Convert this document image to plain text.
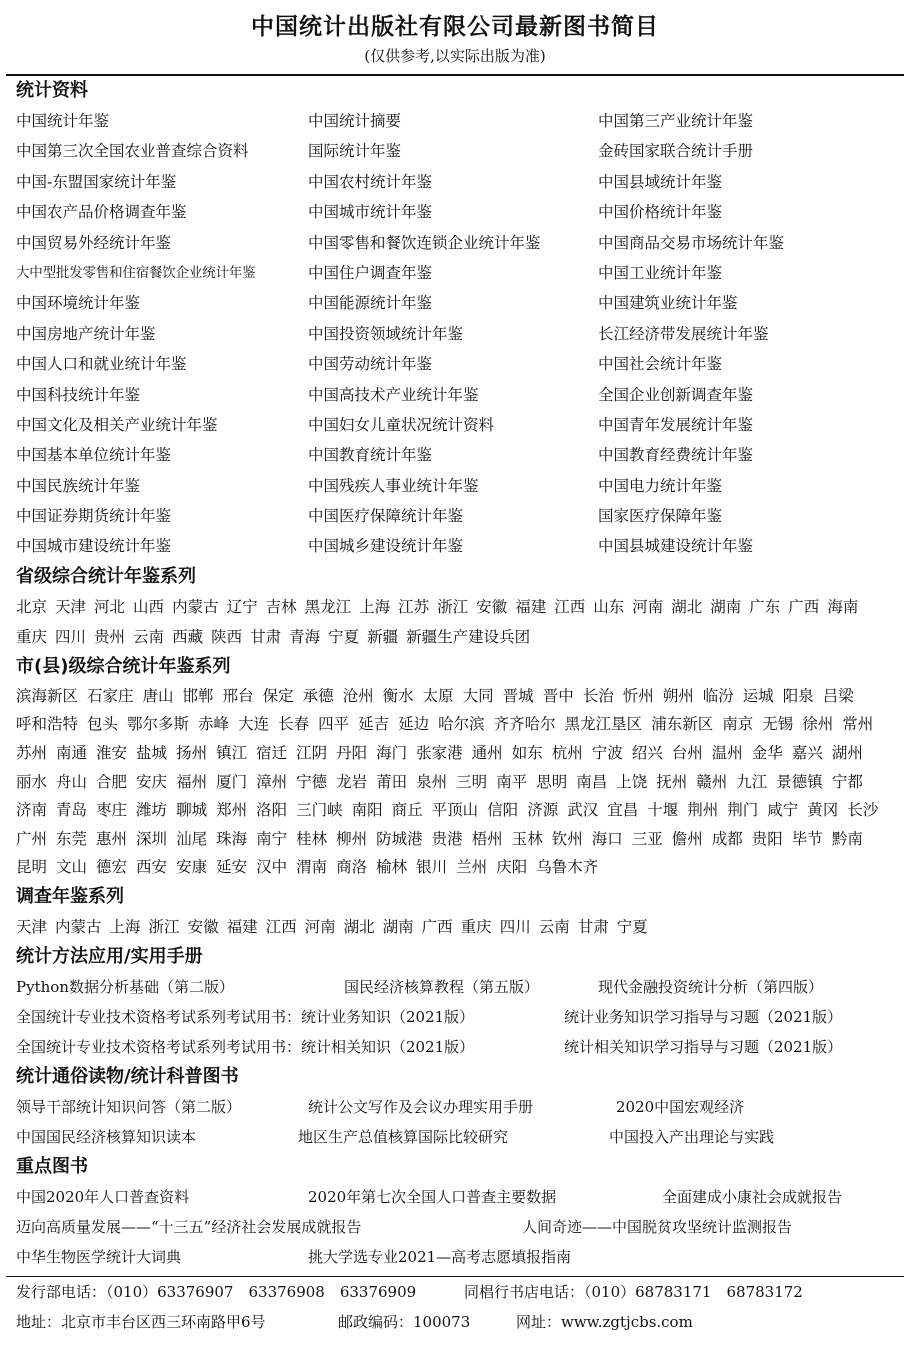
中国统计出版社有限公司最新图书简目
(仅供参考,以实际出版为准)
统计资料
中国统计年鉴	中国统计摘要	中国第三产业统计年鉴
中国第三次全国农业普查综合资料	国际统计年鉴	金砖国家联合统计手册
中国-东盟国家统计年鉴	中国农村统计年鉴	中国县域统计年鉴
中国农产品价格调查年鉴	中国城市统计年鉴	中国价格统计年鉴
中国贸易外经统计年鉴	中国零售和餐饮连锁企业统计年鉴	中国商品交易市场统计年鉴
大中型批发零售和住宿餐饮企业统计年鉴	中国住户调查年鉴	中国工业统计年鉴
中国环境统计年鉴	中国能源统计年鉴	中国建筑业统计年鉴
中国房地产统计年鉴	中国投资领域统计年鉴	长江经济带发展统计年鉴
中国人口和就业统计年鉴	中国劳动统计年鉴	中国社会统计年鉴
中国科技统计年鉴	中国高技术产业统计年鉴	全国企业创新调查年鉴
中国文化及相关产业统计年鉴	中国妇女儿童状况统计资料	中国青年发展统计年鉴
中国基本单位统计年鉴	中国教育统计年鉴	中国教育经费统计年鉴
中国民族统计年鉴	中国残疾人事业统计年鉴	中国电力统计年鉴
中国证券期货统计年鉴	中国医疗保障统计年鉴	国家医疗保障年鉴
中国城市建设统计年鉴	中国城乡建设统计年鉴	中国县城建设统计年鉴
省级综合统计年鉴系列
北京 天津 河北 山西 内蒙古 辽宁 吉林 黑龙江 上海 江苏 浙江 安徽 福建 江西 山东 河南 湖北 湖南 广东 广西 海南
重庆 四川 贵州 云南 西藏 陕西 甘肃 青海 宁夏 新疆 新疆生产建设兵团
市(县)级综合统计年鉴系列
滨海新区 石家庄 唐山 邯郸 邢台 保定 承德 沧州 衡水 太原 大同 晋城 晋中 长治 忻州 朔州 临汾 运城 阳泉 吕梁
呼和浩特 包头 鄂尔多斯 赤峰 大连 长春 四平 延吉 延边 哈尔滨 齐齐哈尔 黑龙江垦区 浦东新区 南京 无锡 徐州 常州
苏州 南通 淮安 盐城 扬州 镇江 宿迁 江阴 丹阳 海门 张家港 通州 如东 杭州 宁波 绍兴 台州 温州 金华 嘉兴 湖州
丽水 舟山 合肥 安庆 福州 厦门 漳州 宁德 龙岩 莆田 泉州 三明 南平 思明 南昌 上饶 抚州 赣州 九江 景德镇 宁都
济南 青岛 枣庄 潍坊 聊城 郑州 洛阳 三门峡 南阳 商丘 平顶山 信阳 济源 武汉 宜昌 十堰 荆州 荆门 咸宁 黄冈 长沙
广州 东莞 惠州 深圳 汕尾 珠海 南宁 桂林 柳州 防城港 贵港 梧州 玉林 钦州 海口 三亚 儋州 成都 贵阳 毕节 黔南
昆明 文山 德宏 西安 安康 延安 汉中 渭南 商洛 榆林 银川 兰州 庆阳 乌鲁木齐
调查年鉴系列
天津 内蒙古 上海 浙江 安徽 福建 江西 河南 湖北 湖南 广西 重庆 四川 云南 甘肃 宁夏
统计方法应用/实用手册
Python数据分析基础（第二版）	国民经济核算教程（第五版）	现代金融投资统计分析（第四版）
全国统计专业技术资格考试系列考试用书：统计业务知识（2021版）	统计业务知识学习指导与习题（2021版）
全国统计专业技术资格考试系列考试用书：统计相关知识（2021版）	统计相关知识学习指导与习题（2021版）
统计通俗读物/统计科普图书
领导干部统计知识问答（第二版）	统计公文写作及会议办理实用手册	2020中国宏观经济
中国国民经济核算知识读本	地区生产总值核算国际比较研究	中国投入产出理论与实践
重点图书
中国2020年人口普查资料	2020年第七次全国人口普查主要数据	全面建成小康社会成就报告
迈向高质量发展——“十三五”经济社会发展成就报告	人间奇迹——中国脱贫攻坚统计监测报告
中华生物医学统计大词典	挑大学选专业2021—高考志愿填报指南
发行部电话：（010）63376907　63376908　63376909	同椙行书店电话：（010）68783171　68783172
地址：北京市丰台区西三环南路甲6号	邮政编码：100073	网址：www.zgtjcbs.com
